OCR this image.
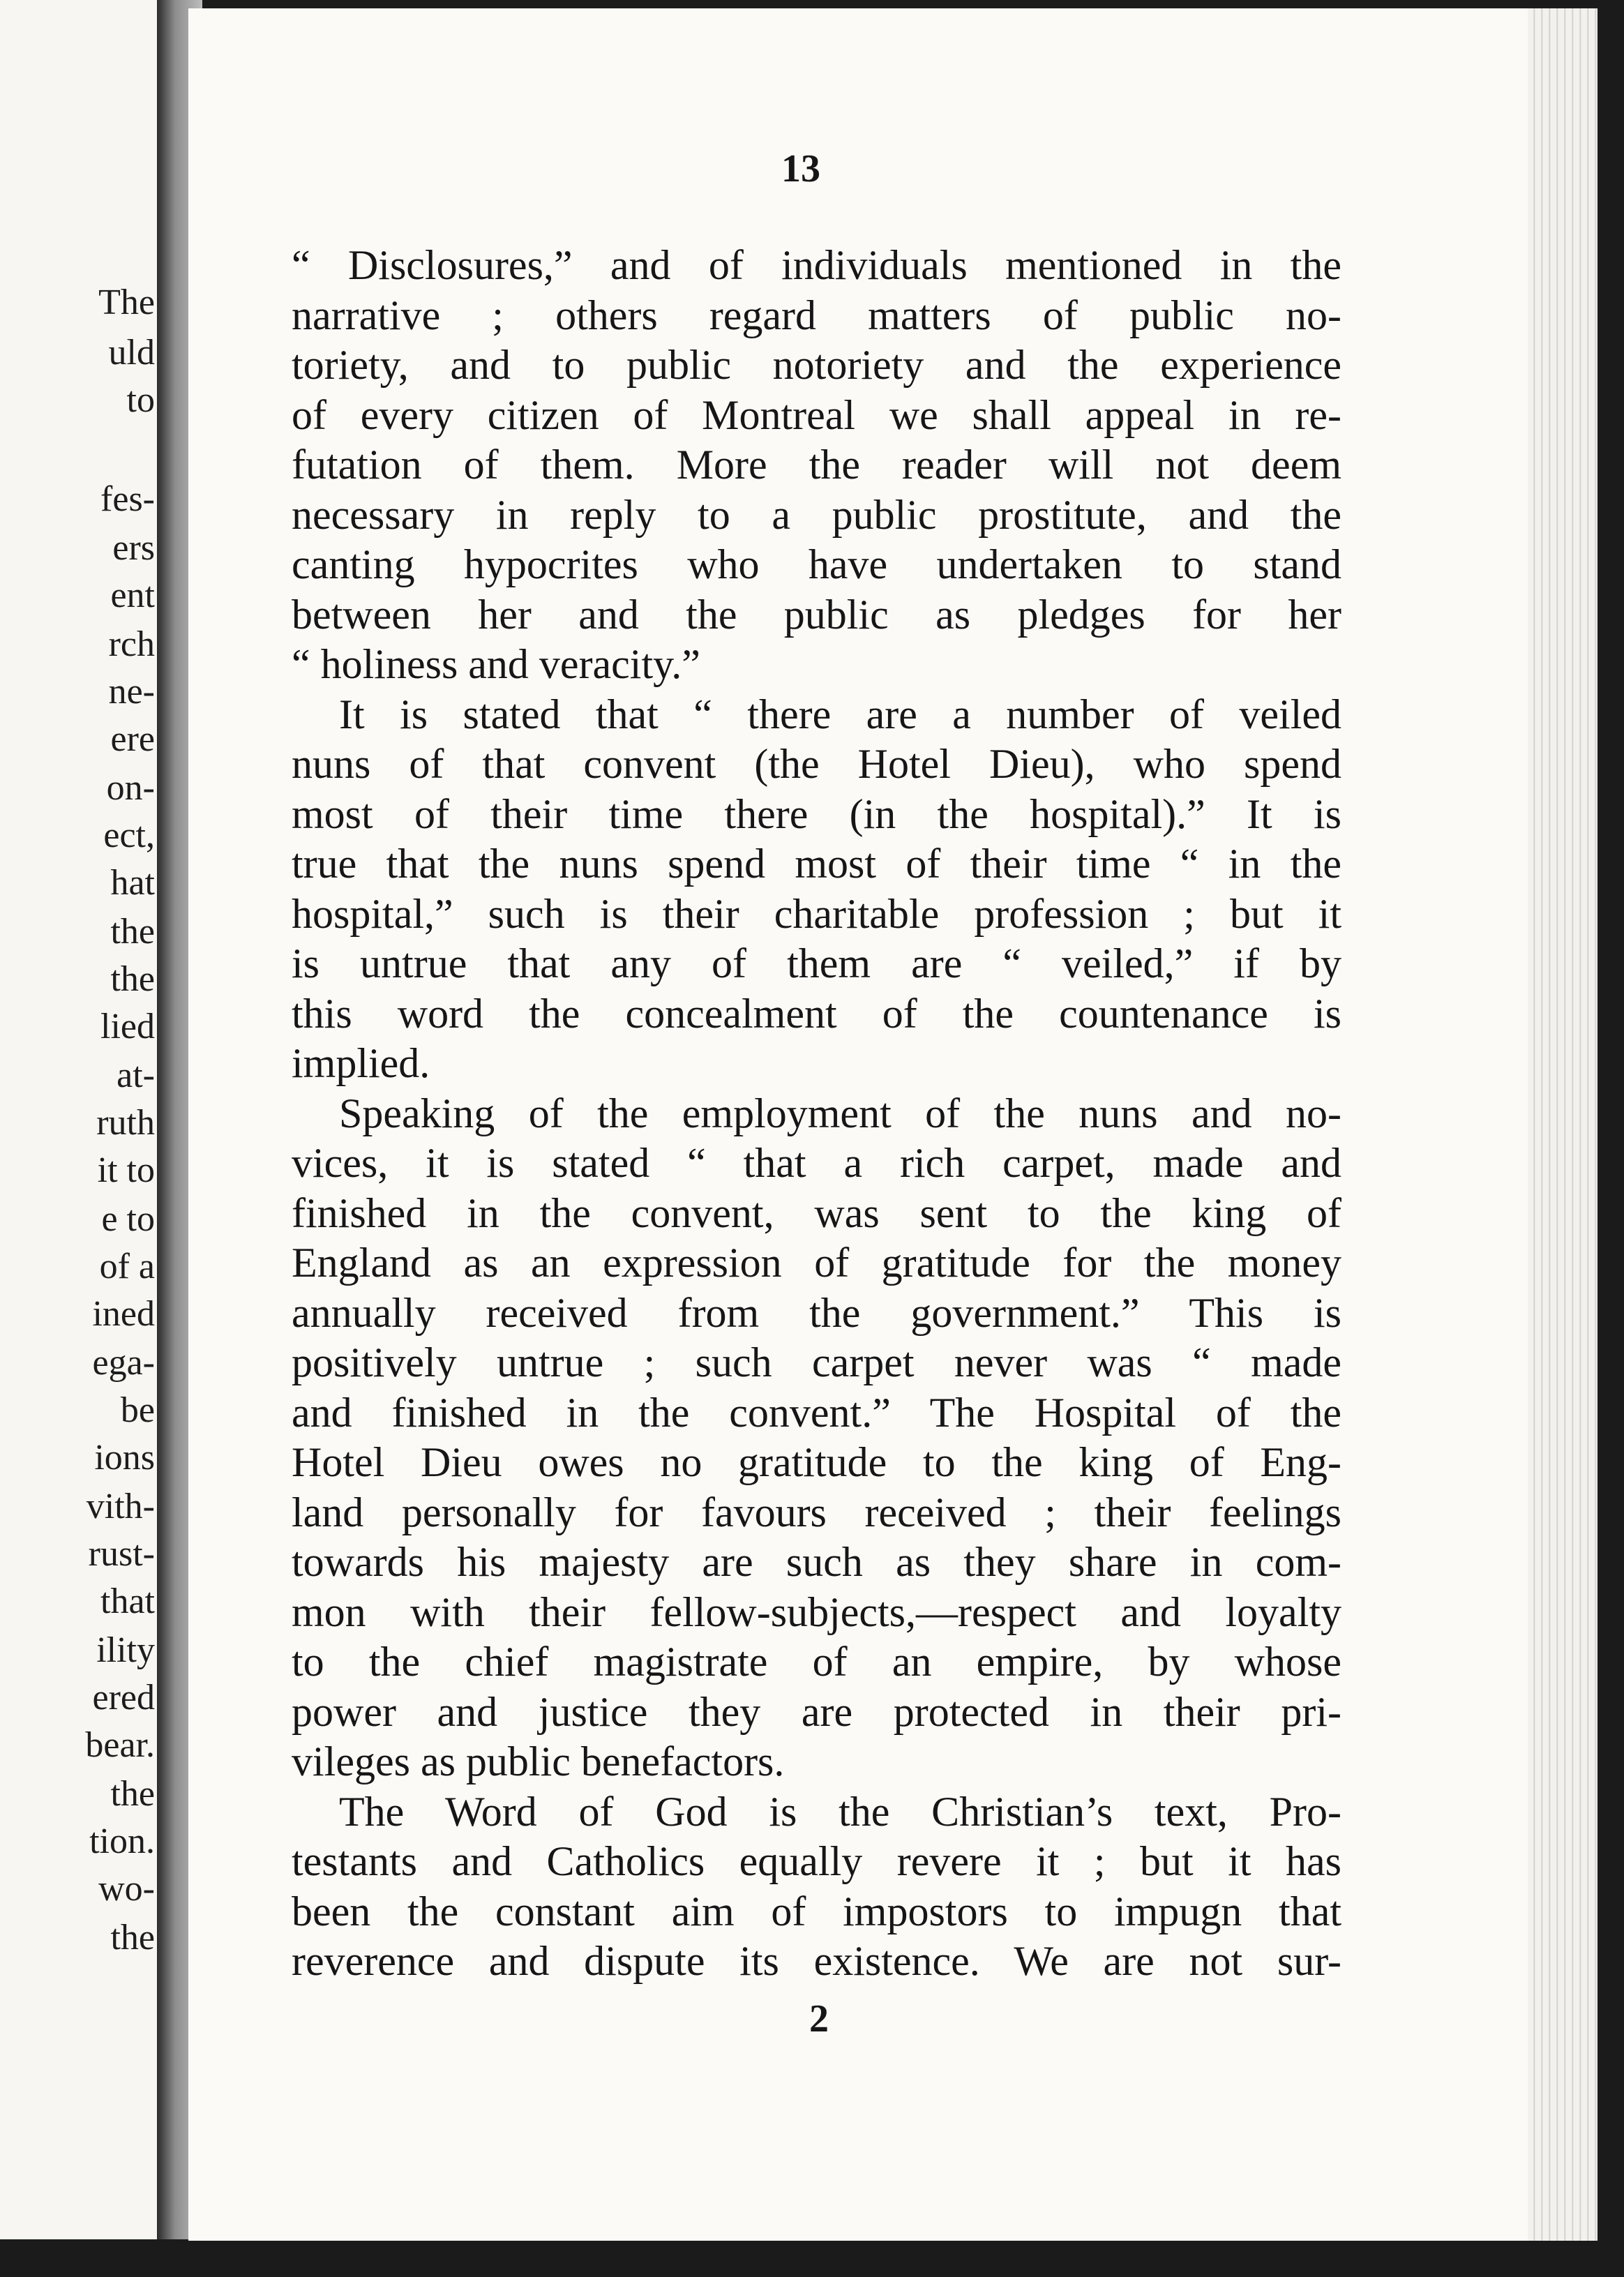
The
uld
to
fes-
ers
ent
rch
ne-
ere
on-
ect,
hat
the
the
lied
at-
ruth
it to
e to
of a
ined
ega-
be
ions
vith-
rust-
that
ility
ered
bear.
the
tion.
wo-
the
13
“ Disclosures,” and of individuals mentioned in the
narrative ; others regard matters of public no-
toriety, and to public notoriety and the experience
of every citizen of Montreal we shall appeal in re-
futation of them. More the reader will not deem
necessary in reply to a public prostitute, and the
canting hypocrites who have undertaken to stand
between her and the public as pledges for her
“ holiness and veracity.”
It is stated that “ there are a number of veiled
nuns of that convent (the Hotel Dieu), who spend
most of their time there (in the hospital).” It is
true that the nuns spend most of their time “ in the
hospital,” such is their charitable profession ; but it
is untrue that any of them are “ veiled,” if by
this word the concealment of the countenance is
implied.
Speaking of the employment of the nuns and no-
vices, it is stated “ that a rich carpet, made and
finished in the convent, was sent to the king of
England as an expression of gratitude for the money
annually received from the government.” This is
positively untrue ; such carpet never was “ made
and finished in the convent.” The Hospital of the
Hotel Dieu owes no gratitude to the king of Eng-
land personally for favours received ; their feelings
towards his majesty are such as they share in com-
mon with their fellow-subjects,—respect and loyalty
to the chief magistrate of an empire, by whose
power and justice they are protected in their pri-
vileges as public benefactors.
The Word of God is the Christian’s text, Pro-
testants and Catholics equally revere it ; but it has
been the constant aim of impostors to impugn that
reverence and dispute its existence. We are not sur-
2
